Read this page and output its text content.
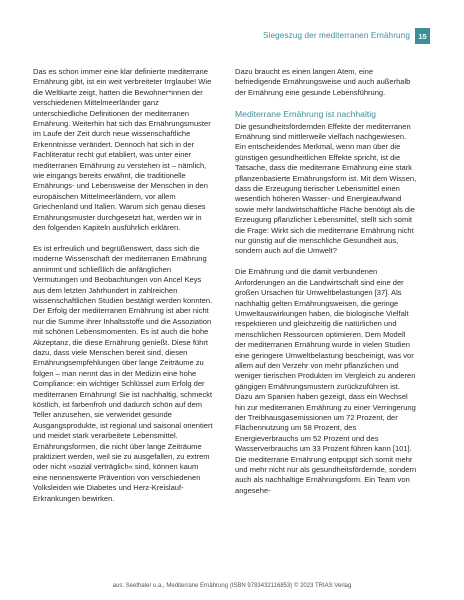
Siegeszug der mediterranen Ernährung	15

Das es schon immer eine klar definierte mediterrane Ernährung gibt, ist ein weit verbreiteter Irrglaube! Wie die Weltkarte zeigt, hatten die Bewohner*innen der verschiedenen Mittelmeerländer ganz unterschiedliche Definitionen der mediterranen Ernährung. Weiterhin hat sich das Ernährungsmuster im Laufe der Zeit durch neue wissenschaftliche Erkenntnisse verändert. Dennoch hat sich in der Fachliteratur recht gut etabliert, was unter einer mediterranen Ernährung zu verstehen ist – nämlich, wie eingangs bereits erwähnt, die traditionelle Ernährungs- und Lebensweise der Menschen in den europäischen Mittelmeerländern, vor allem Griechenland und Italien. Warum sich genau dieses Ernährungsmuster durchgesetzt hat, werden wir in den folgenden Kapiteln ausführlich erklären.

Es ist erfreulich und begrüßenswert, dass sich die moderne Wissenschaft der mediterranen Ernährung annimmt und schließlich die anfänglichen Vermutungen und Beobachtungen von Ancel Keys aus dem letzten Jahrhundert in zahlreichen wissenschaftlichen Studien bestätigt werden konnten. Der Erfolg der mediterranen Ernährung ist aber nicht nur die Summe ihrer Inhaltsstoffe und die Assoziation mit schönen Lebensmomenten. Es ist auch die hohe Akzeptanz, die diese Ernährung genießt. Diese führt dazu, dass viele Menschen bereit sind, diesen Ernährungsempfehlungen über lange Zeiträume zu folgen – man nennt das in der Medizin eine hohe Compliance: ein wichtiger Schlüssel zum Erfolg der mediterranen Ernährung! Sie ist nachhaltig, schmeckt köstlich, ist farbenfroh und dadurch schön auf dem Teller anzusehen, sie verwendet gesunde Ausgangsprodukte, ist regional und saisonal orientiert und meidet stark verarbeitete Lebensmittel. Ernährungsformen, die nicht über lange Zeiträume praktiziert werden, weil sie zu ausgefallen, zu extrem oder nicht »sozial verträglich« sind, können kaum eine nennenswerte Prävention von verschiedenen Volksleiden wie Diabetes und Herz-Kreislauf-Erkrankungen bewirken.

Dazu braucht es einen langen Atem, eine befriedigende Ernährungsweise und auch außerhalb der Ernährung eine gesunde Lebensführung.

Mediterrane Ernährung ist nachhaltig

Die gesundheitsfördernden Effekte der mediterranen Ernährung sind mittlerweile vielfach nachgewiesen. Ein entscheidendes Merkmal, wenn man über die günstigen gesundheitlichen Effekte spricht, ist die Tatsache, dass die mediterrane Ernährung eine stark pflanzenbasierte Ernährungsform ist. Mit dem Wissen, dass die Erzeugung tierischer Lebensmittel einen wesentlich höheren Wasser- und Energieaufwand sowie mehr landwirtschaftliche Fläche benötigt als die Erzeugung pflanzlicher Lebensmittel, stellt sich somit die Frage: Wirkt sich die mediterrane Ernährung nicht nur günstig auf die menschliche Gesundheit aus, sondern auch auf die Umwelt?

Die Ernährung und die damit verbundenen Anforderungen an die Landwirtschaft sind eine der großen Ursachen für Umweltbelastungen [37]. Als nachhaltig gelten Ernährungsweisen, die geringe Umweltauswirkungen haben, die biologische Vielfalt respektieren und gleichzeitig die natürlichen und menschlichen Ressourcen optimieren. Dem Modell der mediterranen Ernährung wurde in vielen Studien eine geringere Umweltbelastung bescheinigt, was vor allem auf den Verzehr von mehr pflanzlichen und weniger tierischen Produkten im Vergleich zu anderen gängigen Ernährungsmustern zurückzuführen ist. Dazu am Spanien haben gezeigt, dass ein Wechsel hin zur mediterranen Ernährung zu einer Verringerung der Treibhausgasemissionen um 72 Prozent, der Flächennutzung um 58 Prozent, des Energieverbrauchs um 52 Prozent und des Wasserverbrauchs um 33 Prozent führen kann [101]. Die mediterrane Ernährung entpuppt sich somit mehr und mehr nicht nur als gesundheitsfördernde, sondern auch als nachhaltige Ernährungsform. Ein Team von angesehe-

aus: Seethaler u.a., Mediterrane Ernährung (ISBN 9783432116853) © 2023 TRIAS Verlag
